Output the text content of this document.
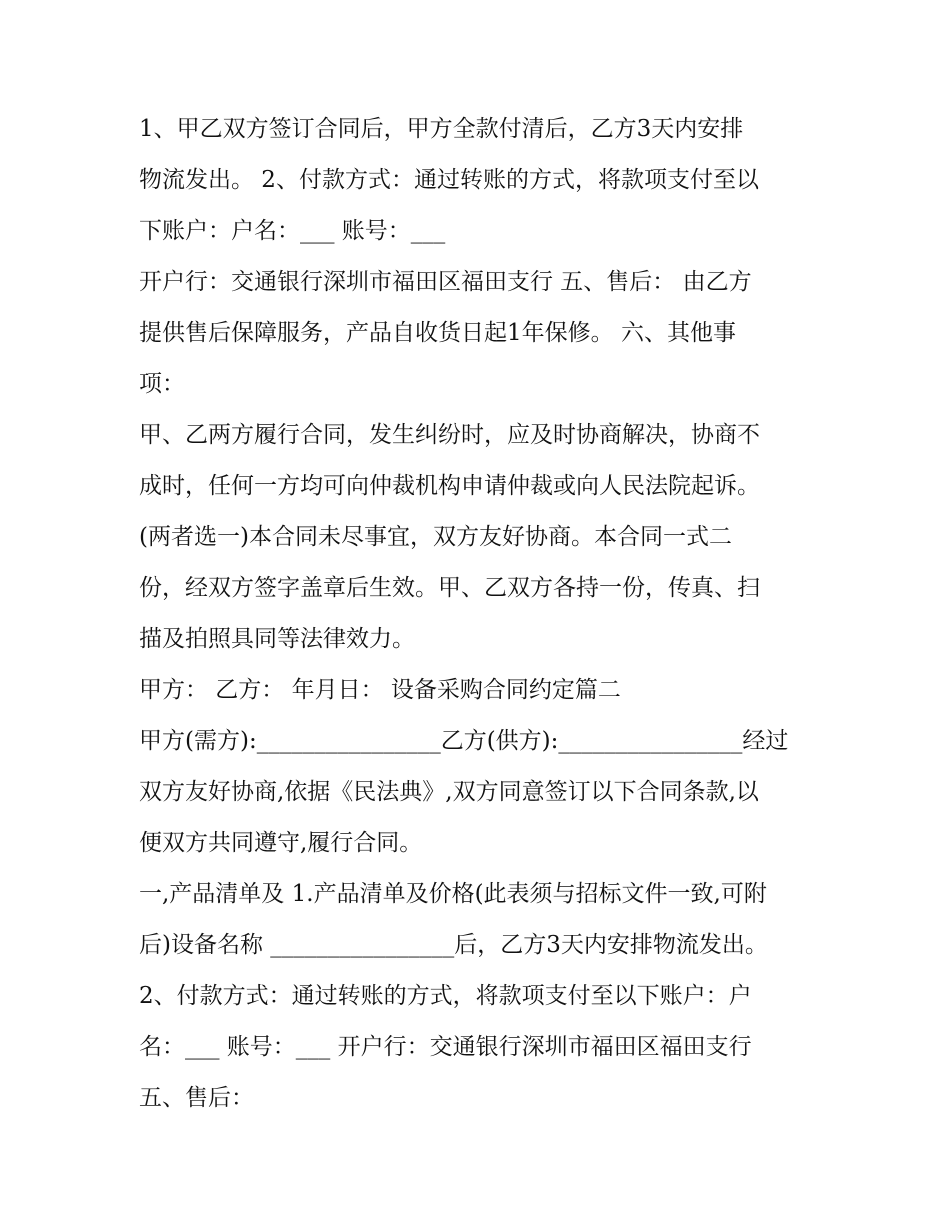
1、甲乙双方签订合同后，甲方全款付清后，乙方3天内安排
物流发出。 2、付款方式：通过转账的方式，将款项支付至以
下账户：户名：___ 账号：___
开户行：交通银行深圳市福田区福田支行 五、售后： 由乙方
提供售后保障服务，产品自收货日起1年保修。 六、其他事
项：
甲、乙两方履行合同，发生纠纷时，应及时协商解决，协商不
成时，任何一方均可向仲裁机构申请仲裁或向人民法院起诉。
(两者选一)本合同未尽事宜，双方友好协商。本合同一式二
份，经双方签字盖章后生效。甲、乙双方各持一份，传真、扫
描及拍照具同等法律效力。
甲方： 乙方： 年月日： 设备采购合同约定篇二
甲方(需方):________________乙方(供方):________________经过
双方友好协商,依据《民法典》,双方同意签订以下合同条款,以
便双方共同遵守,履行合同。
一,产品清单及 1.产品清单及价格(此表须与招标文件一致,可附
后)设备名称 ________________后，乙方3天内安排物流发出。
2、付款方式：通过转账的方式，将款项支付至以下账户：户
名：___ 账号：___ 开户行：交通银行深圳市福田区福田支行
五、售后：
